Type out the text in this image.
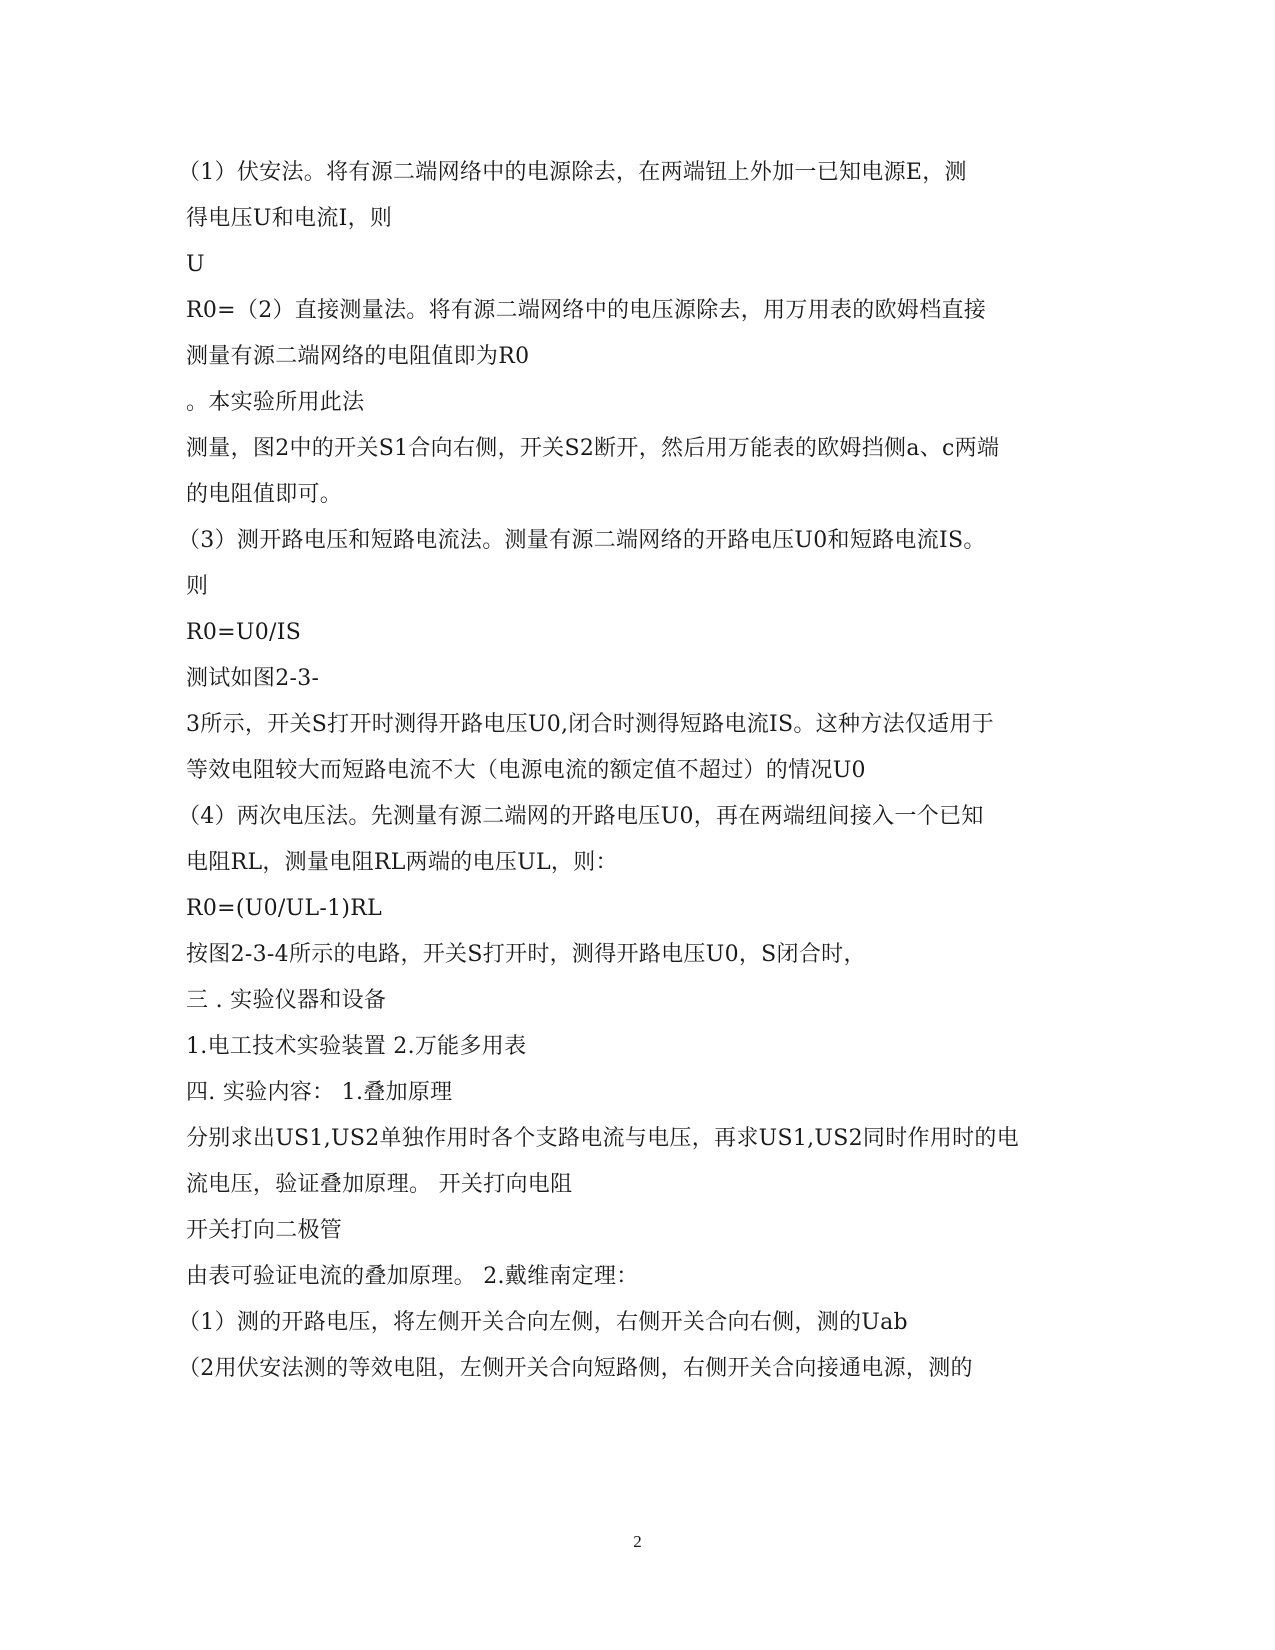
（1）伏安法。将有源二端网络中的电源除去，在两端钮上外加一已知电源E，测
得电压U和电流I，则
U
R0=（2）直接测量法。将有源二端网络中的电压源除去，用万用表的欧姆档直接
测量有源二端网络的电阻值即为R0
。本实验所用此法
测量，图2中的开关S1合向右侧，开关S2断开，然后用万能表的欧姆挡侧a、c两端
的电阻值即可。
（3）测开路电压和短路电流法。测量有源二端网络的开路电压U0和短路电流IS。
则
R0=U0/IS
测试如图2-3-
3所示，开关S打开时测得开路电压U0,闭合时测得短路电流IS。这种方法仅适用于
等效电阻较大而短路电流不大（电源电流的额定值不超过）的情况U0
（4）两次电压法。先测量有源二端网的开路电压U0，再在两端纽间接入一个已知
电阻RL，测量电阻RL两端的电压UL，则：
R0=(U0/UL-1)RL
按图2-3-4所示的电路，开关S打开时，测得开路电压U0，S闭合时，
三 . 实验仪器和设备
1.电工技术实验装置 2.万能多用表
四. 实验内容： 1.叠加原理
分别求出US1,US2单独作用时各个支路电流与电压，再求US1,US2同时作用时的电
流电压，验证叠加原理。 开关打向电阻
开关打向二极管
由表可验证电流的叠加原理。 2.戴维南定理：
（1）测的开路电压，将左侧开关合向左侧，右侧开关合向右侧，测的Uab
（2用伏安法测的等效电阻，左侧开关合向短路侧，右侧开关合向接通电源，测的
2
